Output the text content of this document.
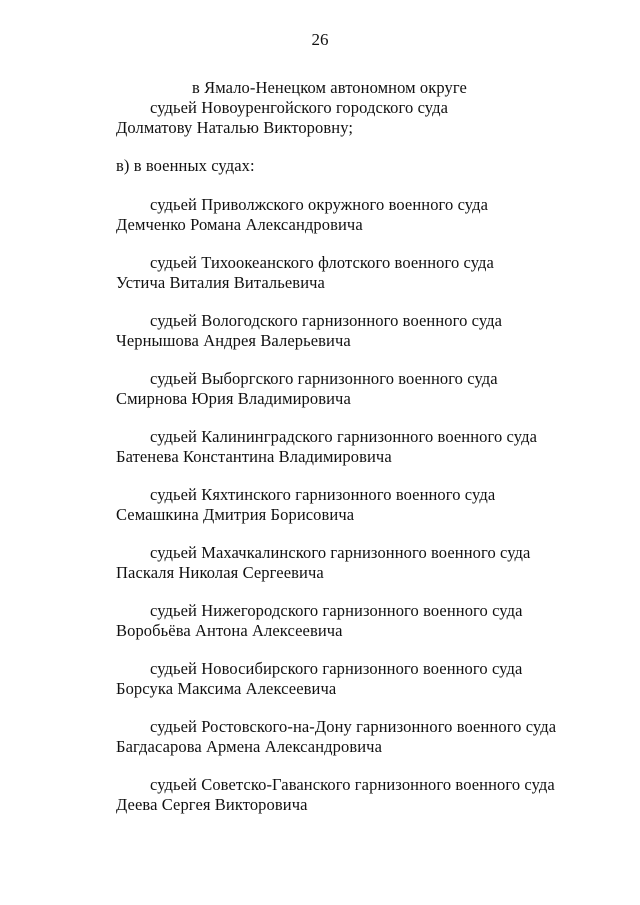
26
в Ямало-Ненецком автономном округе
судьей Новоуренгойского городского суда
Долматову Наталью Викторовну;
в) в военных судах:
судьей Приволжского окружного военного суда
Демченко Романа Александровича
судьей Тихоокеанского флотского военного суда
Устича Виталия Витальевича
судьей Вологодского гарнизонного военного суда
Чернышова Андрея Валерьевича
судьей Выборгского гарнизонного военного суда
Смирнова Юрия Владимировича
судьей Калининградского гарнизонного военного суда
Батенева Константина Владимировича
судьей Кяхтинского гарнизонного военного суда
Семашкина Дмитрия Борисовича
судьей Махачкалинского гарнизонного военного суда
Паскаля Николая Сергеевича
судьей Нижегородского гарнизонного военного суда
Воробьёва Антона Алексеевича
судьей Новосибирского гарнизонного военного суда
Борсука Максима Алексеевича
судьей Ростовского-на-Дону гарнизонного военного суда
Багдасарова Армена Александровича
судьей Советско-Гаванского гарнизонного военного суда
Деева Сергея Викторовича
